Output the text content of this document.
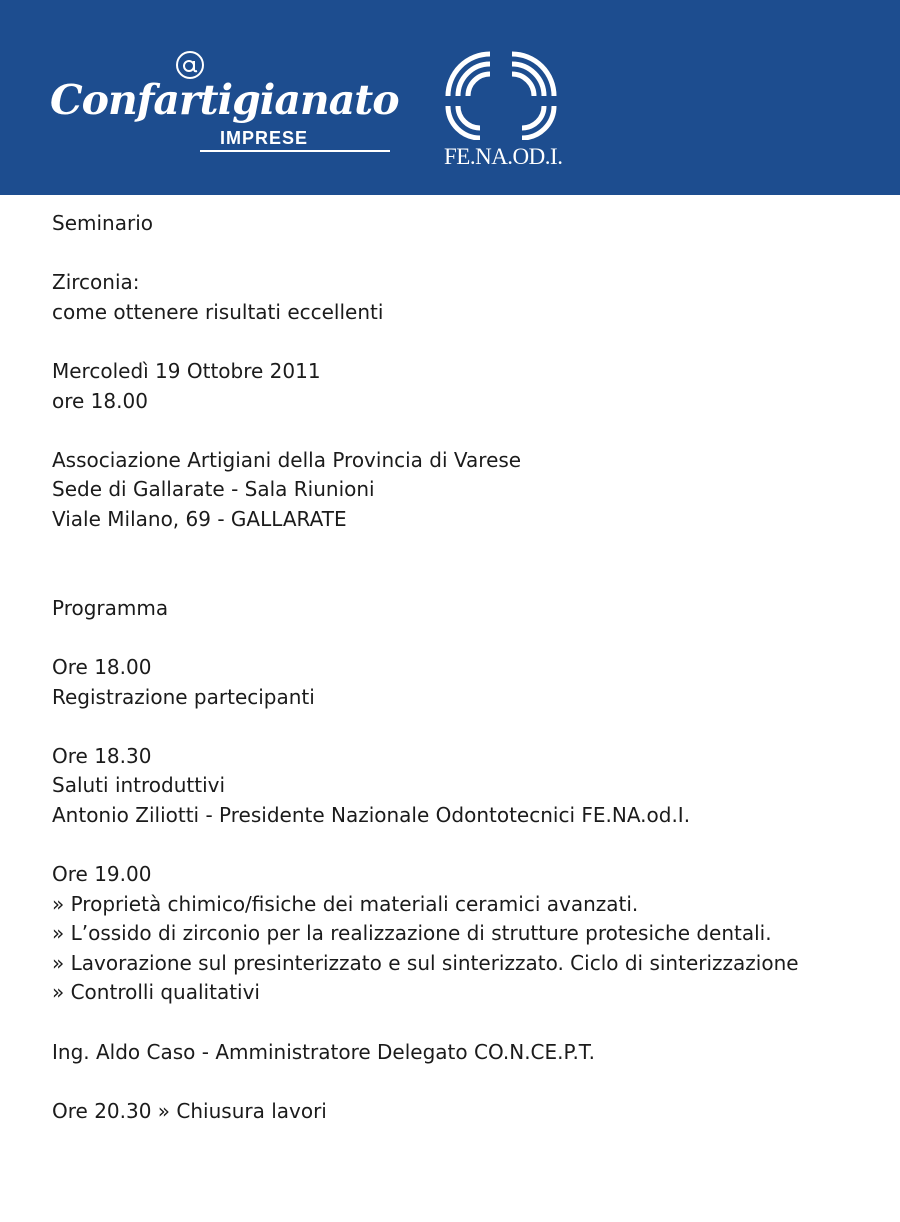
Confartigianato
IMPRESE
FE.NA.OD.I.
Seminario
Zirconia:
come ottenere risultati eccellenti
Mercoledì 19 Ottobre 2011
ore 18.00
Associazione Artigiani della Provincia di Varese
Sede di Gallarate - Sala Riunioni
Viale Milano, 69 - GALLARATE
Programma
Ore 18.00
Registrazione partecipanti
Ore 18.30
Saluti introduttivi
Antonio Ziliotti - Presidente Nazionale Odontotecnici FE.NA.od.I.
Ore 19.00
» Proprietà chimico/fisiche dei materiali ceramici avanzati.
» L’ossido di zirconio per la realizzazione di strutture protesiche dentali.
» Lavorazione sul presinterizzato e sul sinterizzato. Ciclo di sinterizzazione
» Controlli qualitativi
Ing. Aldo Caso - Amministratore Delegato CO.N.CE.P.T.
Ore 20.30 » Chiusura lavori
